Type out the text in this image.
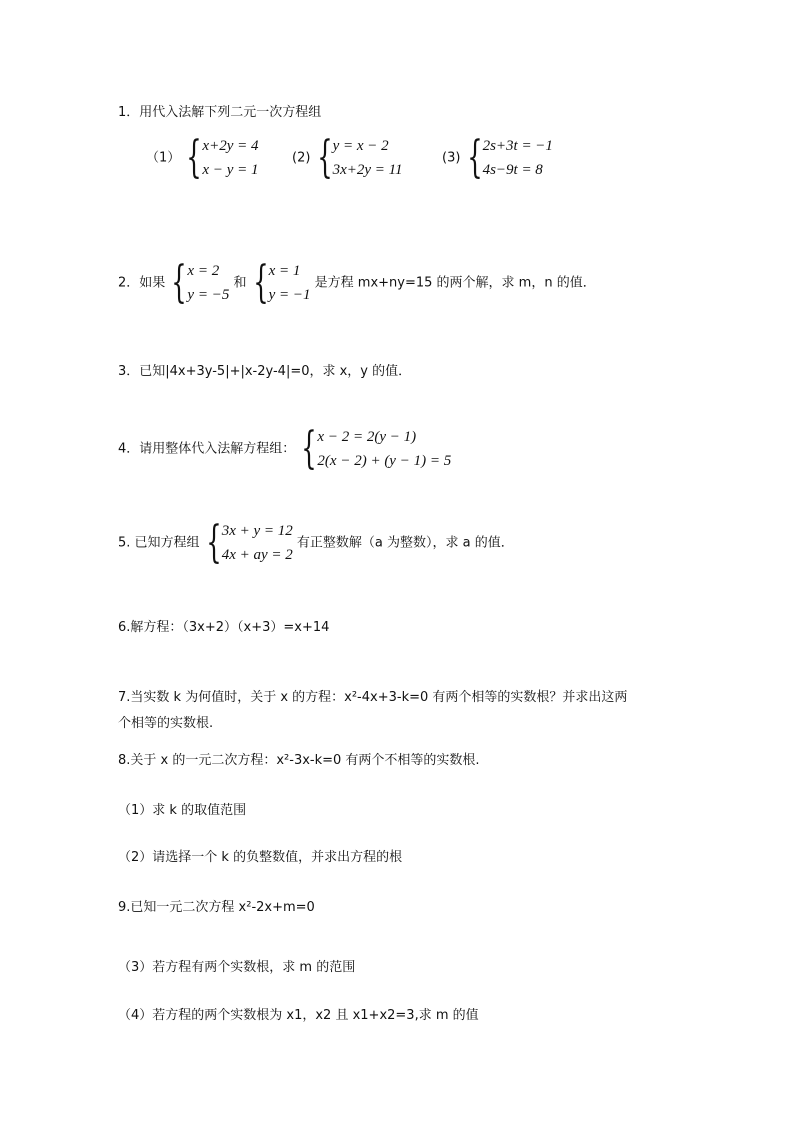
1．用代入法解下列二元一次方程组
（1） { x+2y = 4
x − y = 1
(2) { y = x − 2
3x+2y = 11
(3) { 2s+3t = −1
4s−9t = 8
2．如果 { x = 2
y = −5
和 { x = 1
y = −1
是方程 mx+ny=15 的两个解，求 m，n 的值．
3．已知|4x+3y-5|+|x-2y-4|=0，求 x，y 的值．
4．请用整体代入法解方程组： { x − 2 = 2(y − 1)
2(x − 2) + (y − 1) = 5
5. 已知方程组 { 3x + y = 12
4x + ay = 2
有正整数解（a 为整数），求 a 的值．
6.解方程：（3x+2）（x+3）=x+14
7.当实数 k 为何值时，关于 x 的方程：x²-4x+3-k=0 有两个相等的实数根？并求出这两
个相等的实数根.
8.关于 x 的一元二次方程：x²-3x-k=0 有两个不相等的实数根.
（1）求 k 的取值范围
（2）请选择一个 k 的负整数值，并求出方程的根
9.已知一元二次方程 x²-2x+m=0
（3）若方程有两个实数根，求 m 的范围
（4）若方程的两个实数根为 x1，x2 且 x1+x2=3,求 m 的值
